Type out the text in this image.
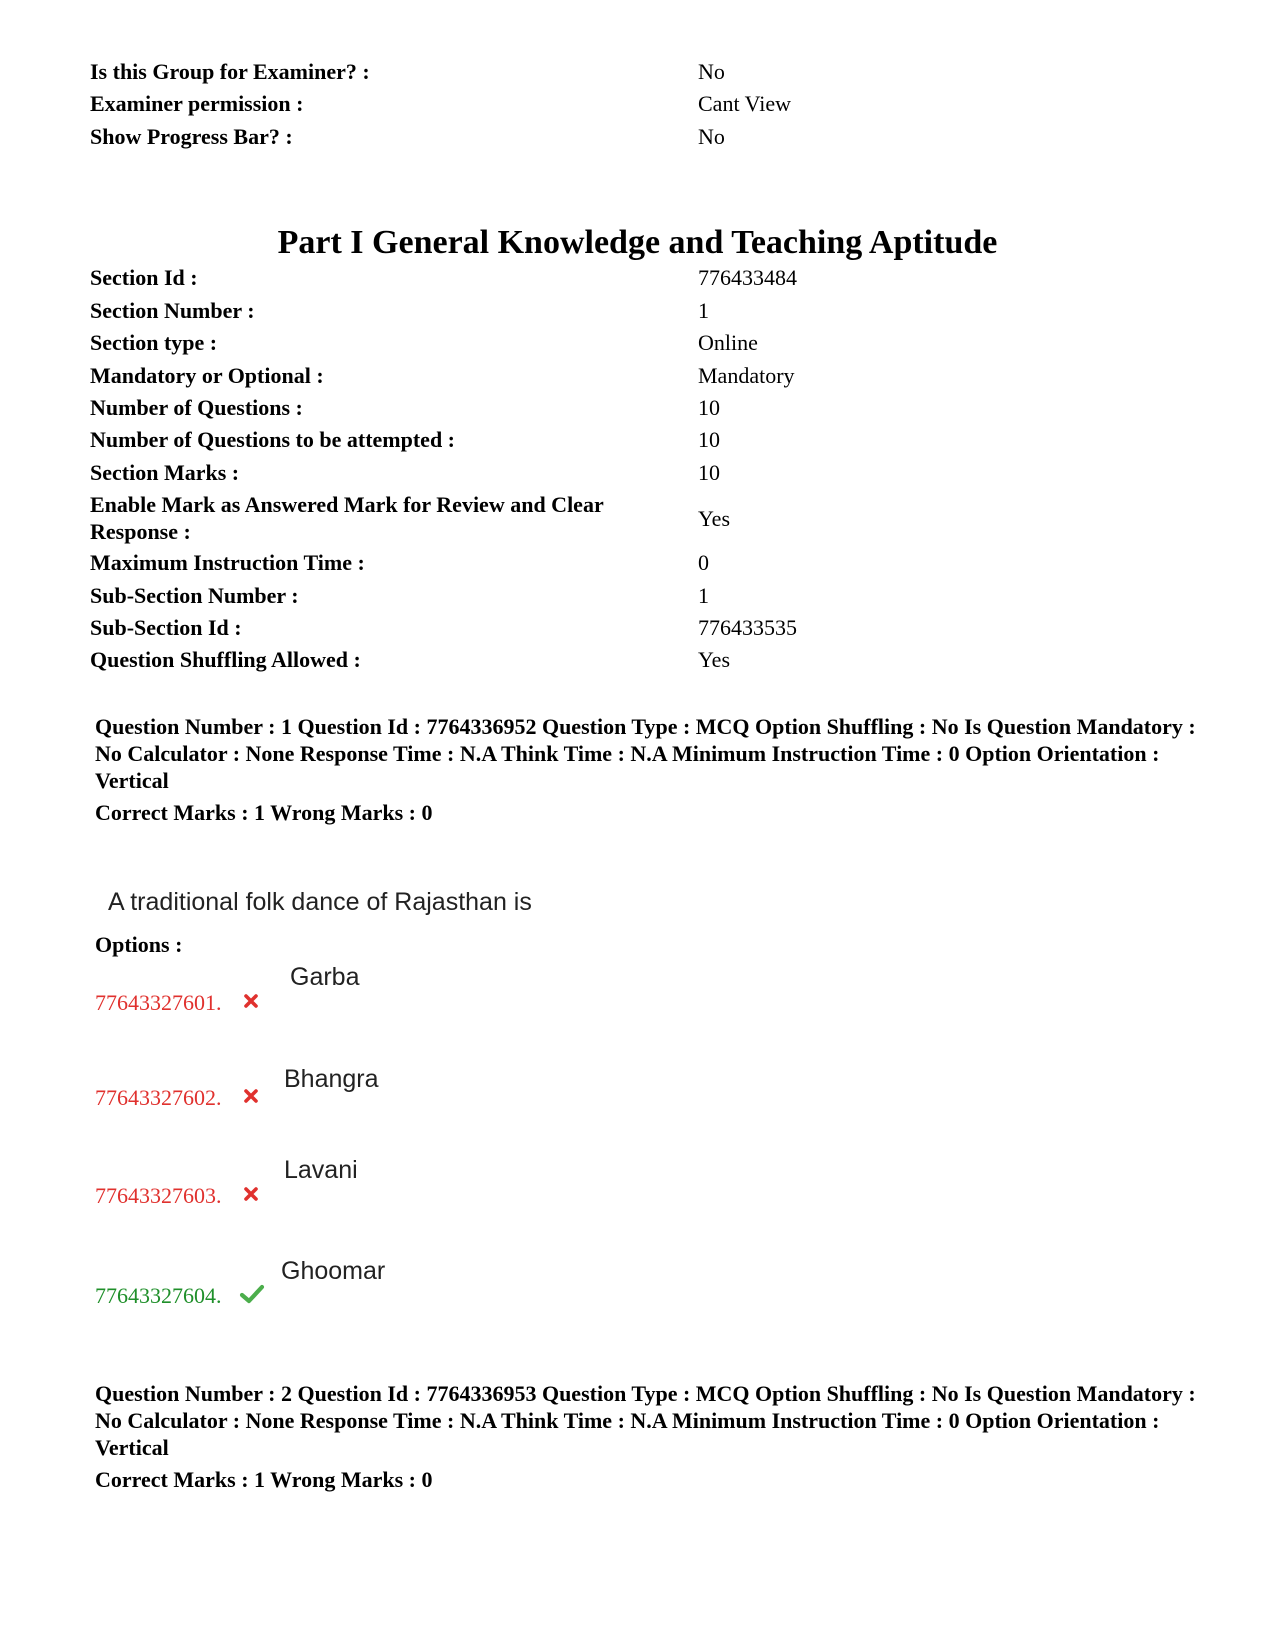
Is this Group for Examiner? :	No
Examiner permission :	Cant View
Show Progress Bar? :	No
Part I General Knowledge and Teaching Aptitude
Section Id :	776433484
Section Number :	1
Section type :	Online
Mandatory or Optional :	Mandatory
Number of Questions :	10
Number of Questions to be attempted :	10
Section Marks :	10
Enable Mark as Answered Mark for Review and Clear Response :
Yes
Maximum Instruction Time :	0
Sub-Section Number :	1
Sub-Section Id :	776433535
Question Shuffling Allowed :	Yes
Question Number : 1 Question Id : 7764336952 Question Type : MCQ Option Shuffling : No Is Question Mandatory : No Calculator : None Response Time : N.A Think Time : N.A Minimum Instruction Time : 0 Option Orientation : Vertical
Correct Marks : 1 Wrong Marks : 0
A traditional folk dance of Rajasthan is
Options :
77643327601.
Garba
77643327602.
Bhangra
77643327603.
Lavani
77643327604.
Ghoomar
Question Number : 2 Question Id : 7764336953 Question Type : MCQ Option Shuffling : No Is Question Mandatory : No Calculator : None Response Time : N.A Think Time : N.A Minimum Instruction Time : 0 Option Orientation : Vertical
Correct Marks : 1 Wrong Marks : 0
